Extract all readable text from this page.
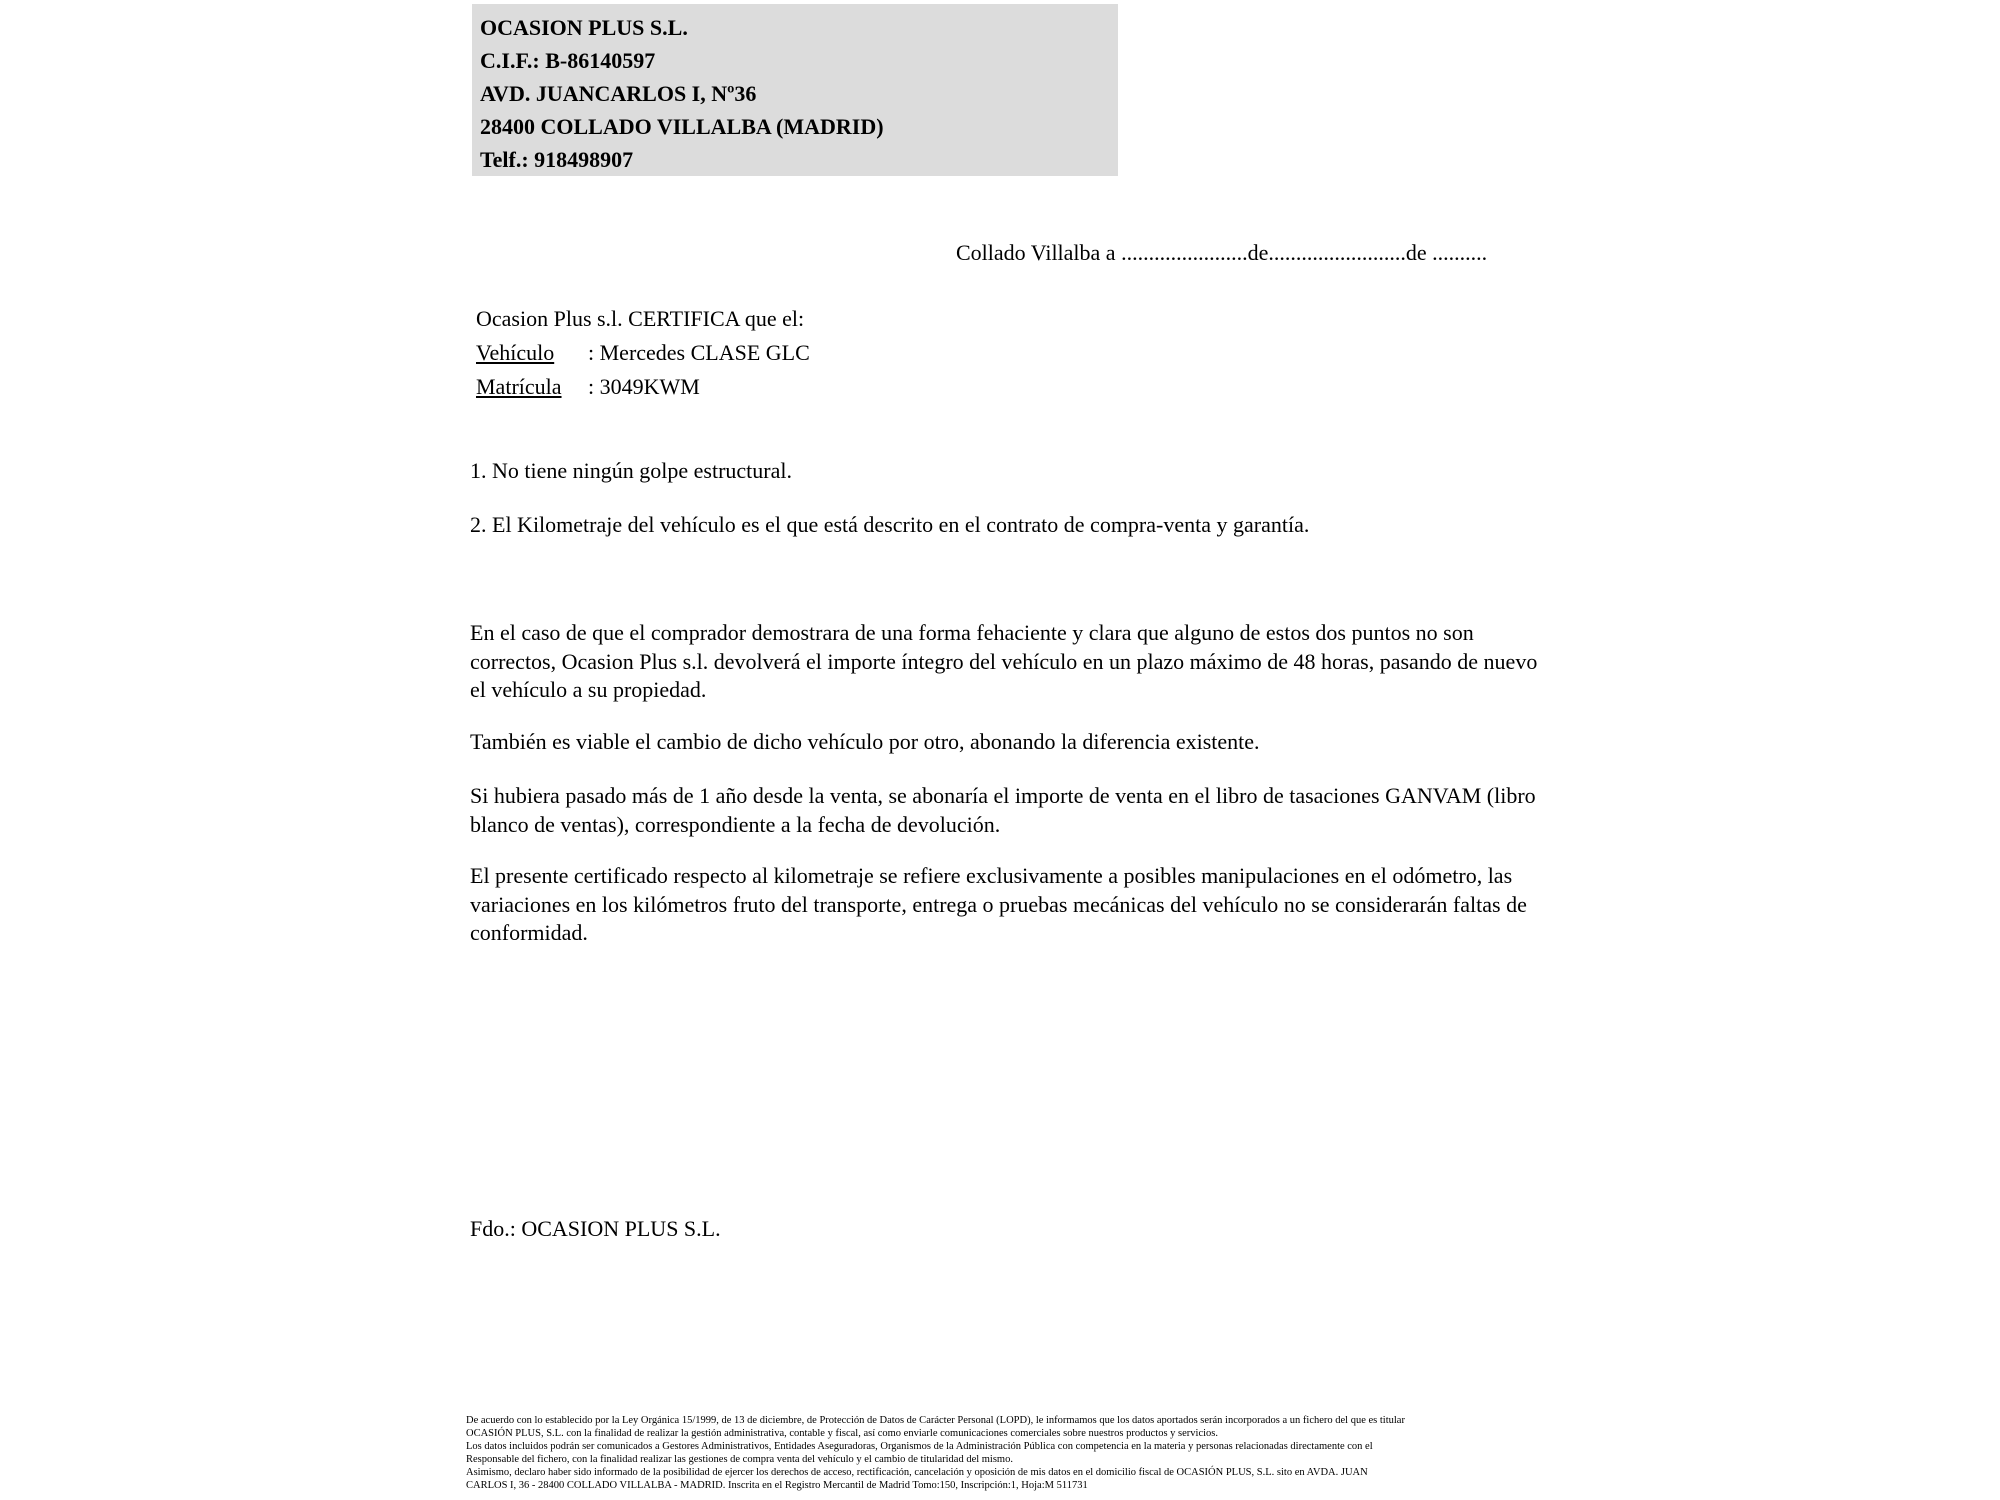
OCASION PLUS S.L.
C.I.F.: B-86140597
AVD. JUANCARLOS I, Nº36
28400 COLLADO VILLALBA (MADRID)
Telf.: 918498907
Collado Villalba a .......................de.........................de ..........
Ocasion Plus s.l. CERTIFICA que el:
Vehículo	: Mercedes CLASE GLC
Matrícula	: 3049KWM
1. No tiene ningún golpe estructural.
2. El Kilometraje del vehículo es el que está descrito en el contrato de compra-venta y garantía.
En el caso de que el comprador demostrara de una forma fehaciente y clara que alguno de estos dos puntos no son correctos, Ocasion Plus s.l. devolverá el importe íntegro del vehículo en un plazo máximo de 48 horas, pasando de nuevo el vehículo a su propiedad.
También es viable el cambio de dicho vehículo por otro, abonando la diferencia existente.
Si hubiera pasado más de 1 año desde la venta, se abonaría el importe de venta en el libro de tasaciones GANVAM (libro blanco de ventas), correspondiente a la fecha de devolución.
El presente certificado respecto al kilometraje se refiere exclusivamente a posibles manipulaciones en el odómetro, las variaciones en los kilómetros fruto del transporte, entrega o pruebas mecánicas del vehículo no se considerarán faltas de conformidad.
Fdo.: OCASION PLUS S.L.
De acuerdo con lo establecido por la Ley Orgánica 15/1999, de 13 de diciembre, de Protección de Datos de Carácter Personal (LOPD), le informamos que los datos aportados serán incorporados a un fichero del que es titular
OCASIÓN PLUS, S.L. con la finalidad de realizar la gestión administrativa, contable y fiscal, así como enviarle comunicaciones comerciales sobre nuestros productos y servicios.
Los datos incluidos podrán ser comunicados a Gestores Administrativos, Entidades Aseguradoras, Organismos de la Administración Pública con competencia en la materia y personas relacionadas directamente con el
Responsable del fichero, con la finalidad realizar las gestiones de compra venta del vehículo y el cambio de titularidad del mismo.
Asimismo, declaro haber sido informado de la posibilidad de ejercer los derechos de acceso, rectificación, cancelación y oposición de mis datos en el domicilio fiscal de OCASIÓN PLUS, S.L. sito en AVDA. JUAN
CARLOS I, 36 - 28400 COLLADO VILLALBA - MADRID. Inscrita en el Registro Mercantil de Madrid Tomo:150, Inscripción:1, Hoja:M 511731
